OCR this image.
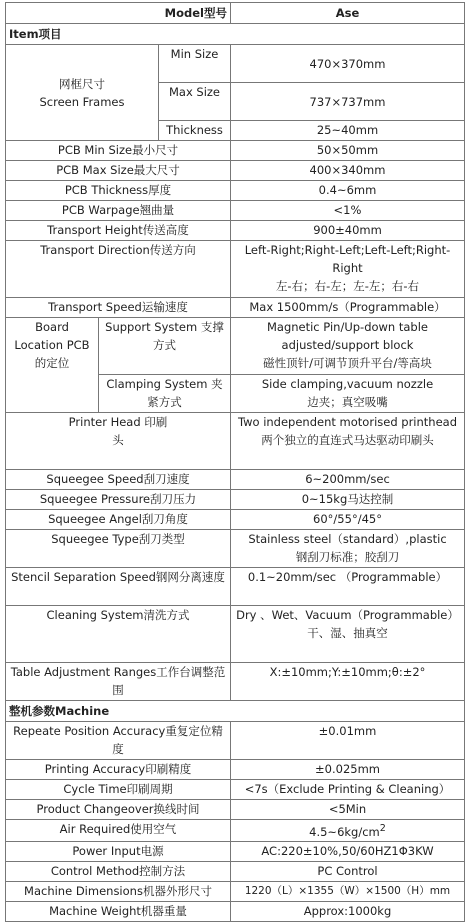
Model型号			Ase
Item项目			

网框尺寸
Screen Frames		Min Size	470×370mm
		Max Size	737×737mm
		Thickness	25~40mm
PCB Min Size最小尺寸			50×50mm
PCB Max Size最大尺寸			400×340mm
PCB Thickness厚度			0.4~6mm
PCB Warpage翘曲量			<1%
Transport Height传送高度			900±40mm
Transport Direction传送方向			Left-Right;Right-Left;Left-Left;Right-Right
左-右；右-左；左-左；右-右

Transport Speed运输速度			Max 1500mm/s（Programmable）
Board Location PCB的定位	Support System 支撑方式		Magnetic Pin/Up-down table adjusted/support block
磁性顶针/可调节顶升平台/等高块

	Clamping System 夹紧方式		Side clamping,vacuum nozzle
边夹；真空吸嘴

Printer Head 印刷头			Two independent motorised printhead
两个独立的直连式马达驱动印刷头

Squeegee Speed刮刀速度			6~200mm/sec
Squeegee Pressure刮刀压力			0~15kg马达控制
Squeegee Angel刮刀角度			60°/55°/45°
Squeegee Type刮刀类型			Stainless steel（standard）,plastic
钢刮刀标准；胶刮刀

Stencil Separation Speed钢网分离速度			0.1~20mm/sec （Programmable）
Cleaning System清洗方式			Dry 、Wet、Vacuum（Programmable）
干、湿、抽真空

Table Adjustment Ranges工作台调整范围			X:±10mm;Y:±10mm;θ:±2°
整机参数Machine			
Repeate Position Accuracy重复定位精度			±0.01mm
Printing Accuracy印刷精度			±0.025mm
Cycle Time印刷周期			<7s（Exclude Printing & Cleaning）
Product Changeover换线时间			<5Min
Air Required使用空气			$4.5\sim 6kg/cm^2$
Power Input电源			AC:220±10%,50/60HZ1Φ3KW
Control Method控制方法			PC Control
Machine Dimensions机器外形尺寸			1220（L）×1355（W）×1500（H）mm
Machine Weight机器重量			Approx:1000kg
